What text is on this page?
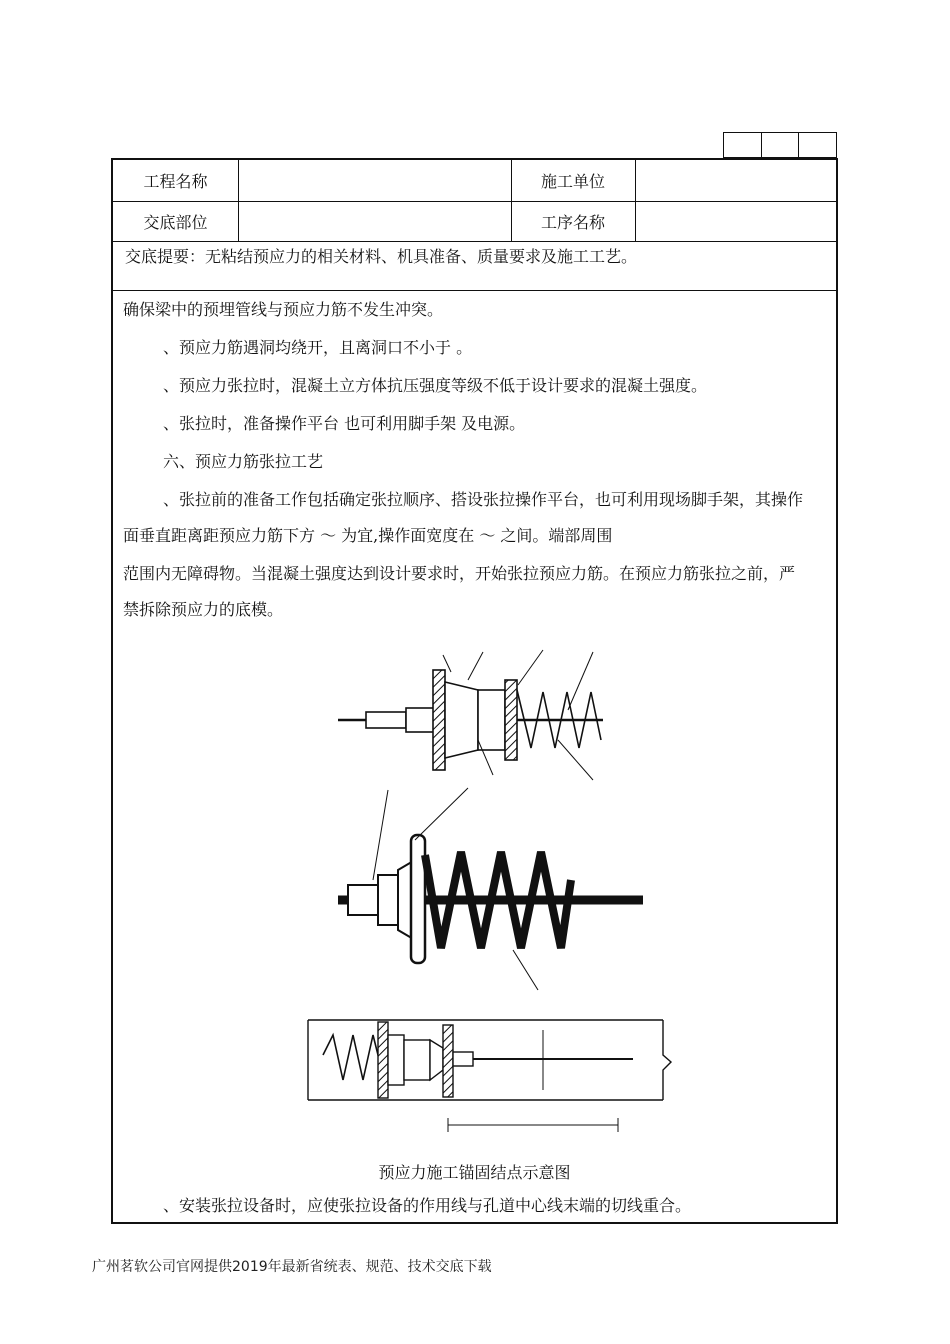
工程名称	施工单位
交底部位	工序名称
交底提要：无粘结预应力的相关材料、机具准备、质量要求及施工工艺。
确保梁中的预埋管线与预应力筋不发生冲突。
、预应力筋遇洞均绕开，且离洞口不小于 。
、预应力张拉时，混凝土立方体抗压强度等级不低于设计要求的混凝土强度。
、张拉时，准备操作平台 也可利用脚手架 及电源。
六、预应力筋张拉工艺
、张拉前的准备工作包括确定张拉顺序、搭设张拉操作平台，也可利用现场脚手架，其操作
面垂直距离距预应力筋下方 ～ 为宜,操作面宽度在 ～ 之间。端部周围
范围内无障碍物。当混凝土强度达到设计要求时，开始张拉预应力筋。在预应力筋张拉之前，严
禁拆除预应力的底模。
预应力施工锚固结点示意图
、安装张拉设备时，应使张拉设备的作用线与孔道中心线末端的切线重合。
广州茗软公司官网提供2019年最新省统表、规范、技术交底下载
